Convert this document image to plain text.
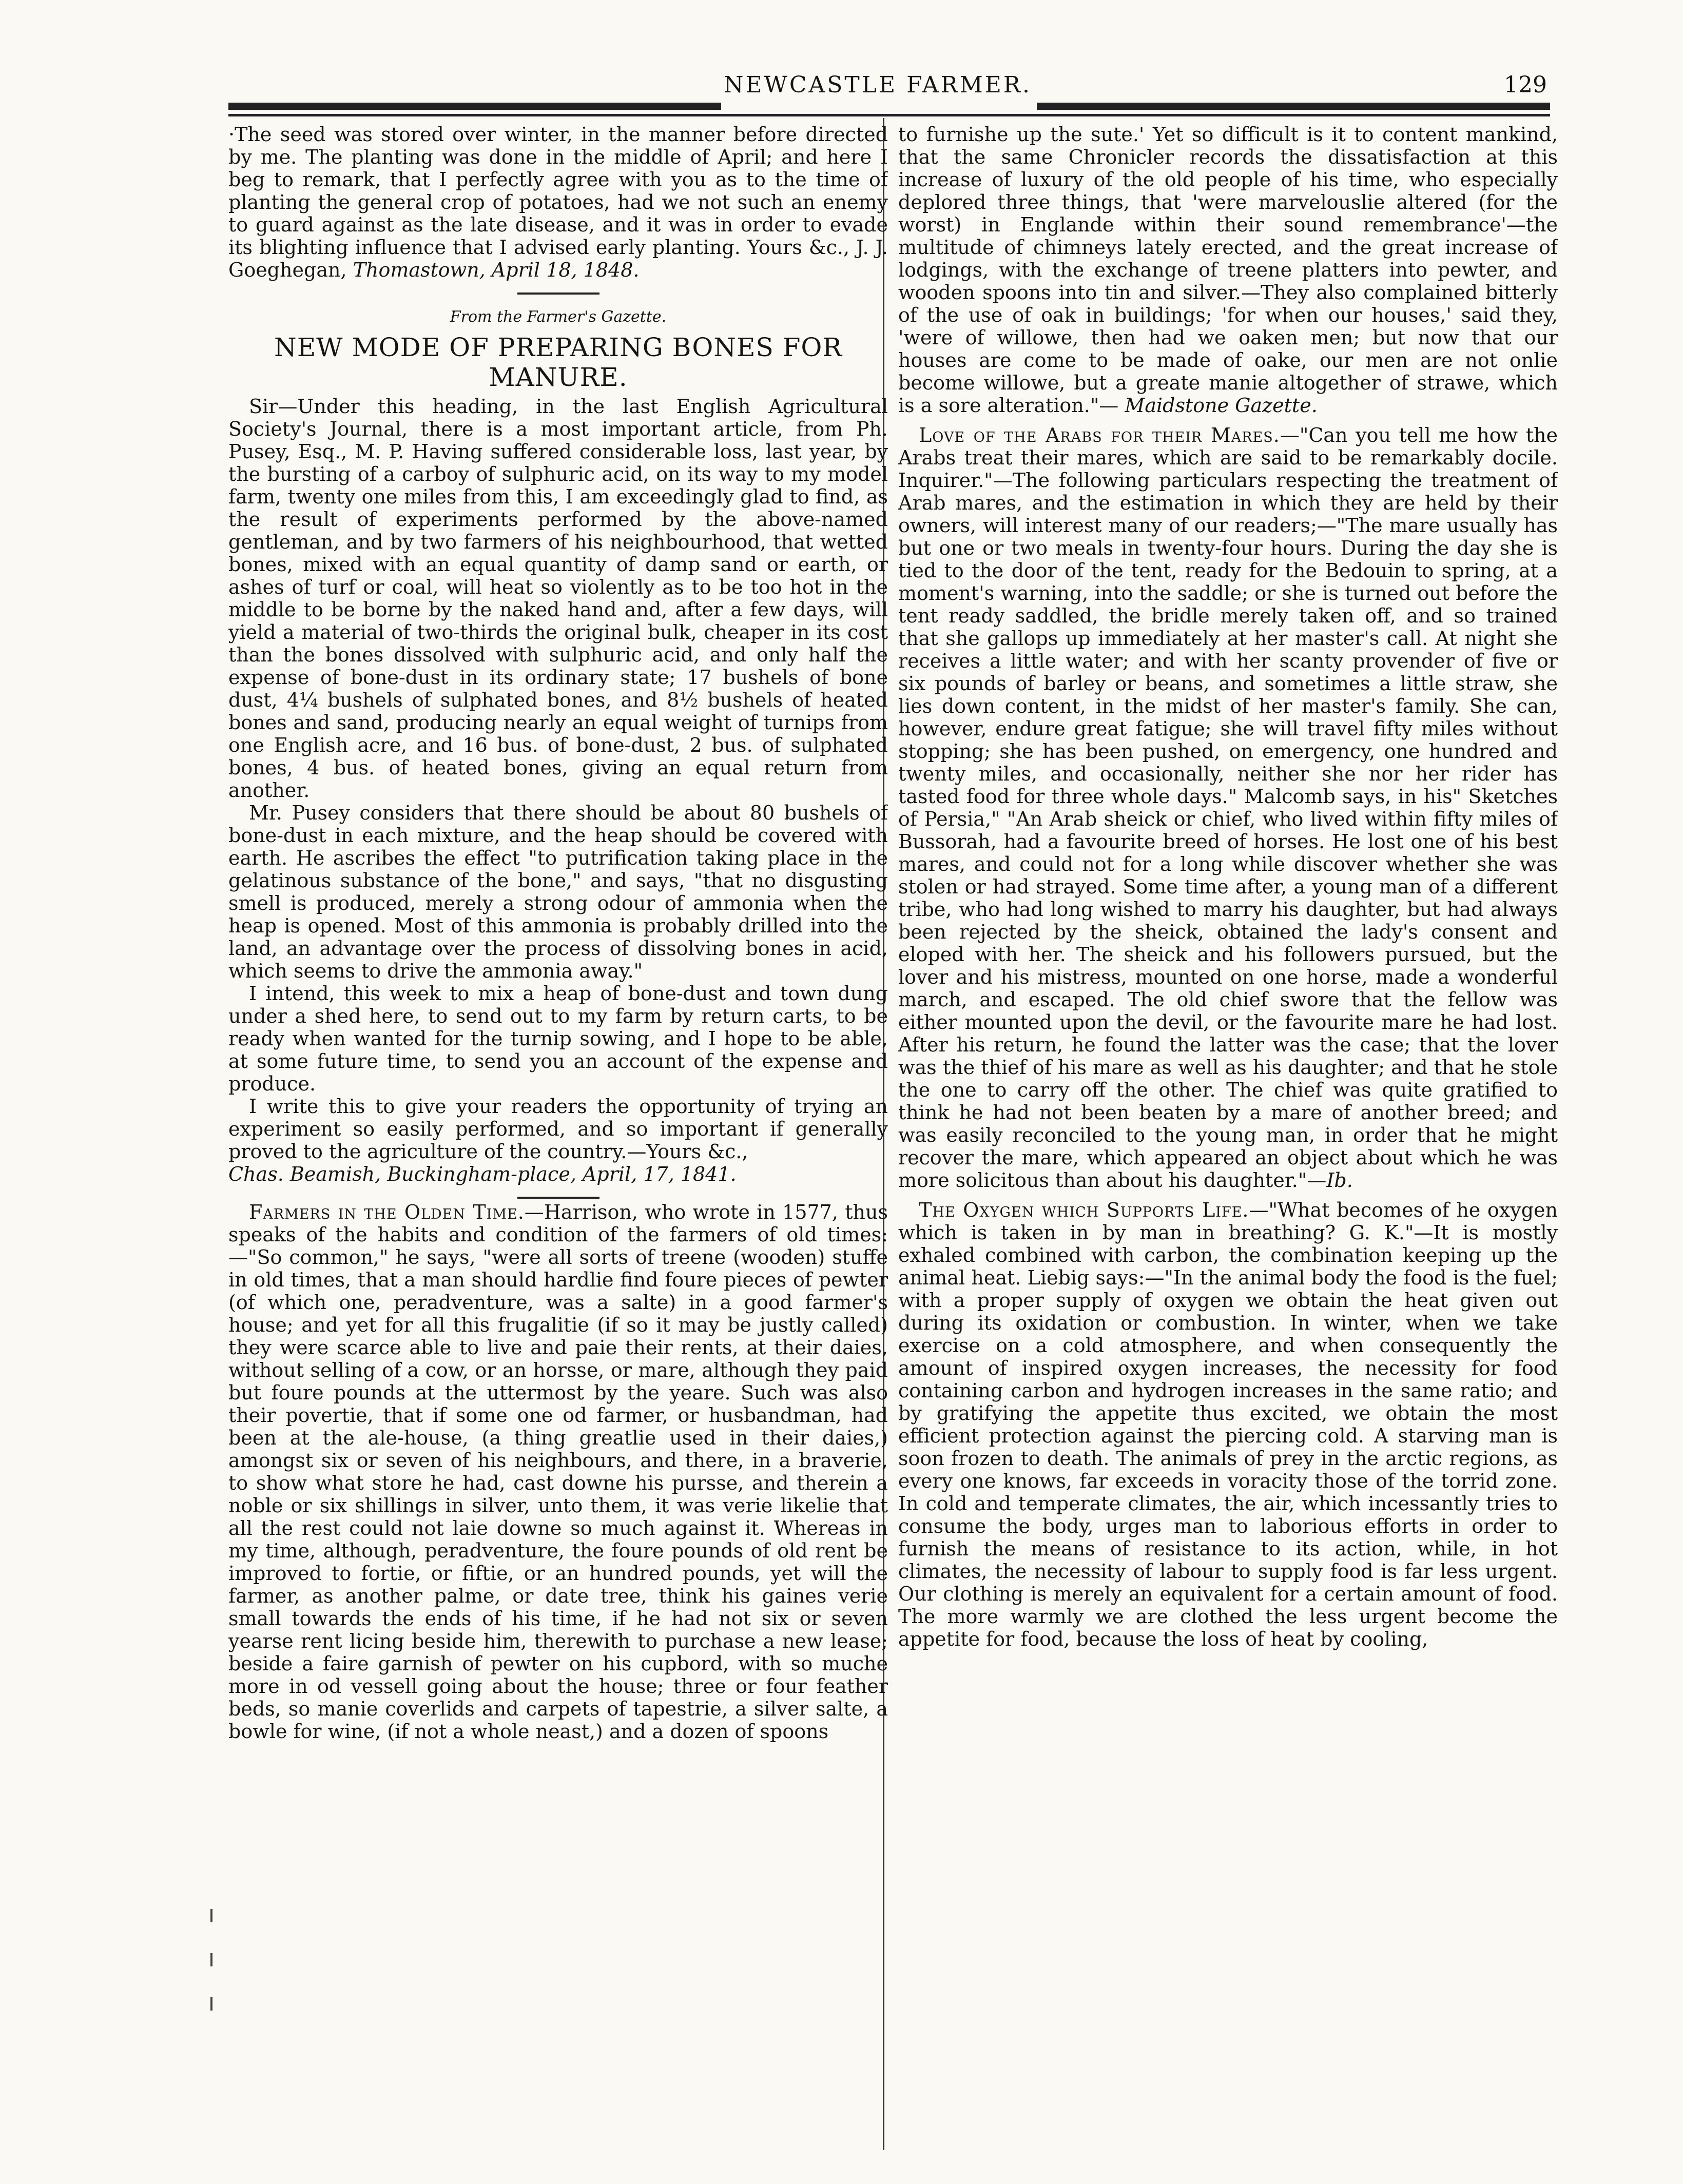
NEWCASTLE FARMER.	129

·The seed was stored over winter, in the manner before directed by me. The planting was done in the middle of April; and here I beg to remark, that I perfectly agree with you as to the time of planting the general crop of potatoes, had we not such an enemy to guard against as the late disease, and it was in order to evade its blighting influence that I advised early planting. Yours &c., J. J. Goeghegan, Thomastown, April 18, 1848.

From the Farmer's Gazette.

NEW MODE OF PREPARING BONES FOR MANURE.

Sir—Under this heading, in the last English Agricultural Society's Journal, there is a most important article, from Ph. Pusey, Esq., M. P. Having suffered considerable loss, last year, by the bursting of a carboy of sulphuric acid, on its way to my model farm, twenty one miles from this, I am exceedingly glad to find, as the result of experiments performed by the above-named gentleman, and by two farmers of his neighbourhood, that wetted bones, mixed with an equal quantity of damp sand or earth, or ashes of turf or coal, will heat so violently as to be too hot in the middle to be borne by the naked hand and, after a few days, will yield a material of two-thirds the original bulk, cheaper in its cost than the bones dissolved with sulphuric acid, and only half the expense of bone-dust in its ordinary state; 17 bushels of bone dust, 4¼ bushels of sulphated bones, and 8½ bushels of heated bones and sand, producing nearly an equal weight of turnips from one English acre, and 16 bus. of bone-dust, 2 bus. of sulphated bones, 4 bus. of heated bones, giving an equal return from another.

Mr. Pusey considers that there should be about 80 bushels of bone-dust in each mixture, and the heap should be covered with earth. He ascribes the effect "to putrification taking place in the gelatinous substance of the bone," and says, "that no disgusting smell is produced, merely a strong odour of ammonia when the heap is opened. Most of this ammonia is probably drilled into the land, an advantage over the process of dissolving bones in acid, which seems to drive the ammonia away."

I intend, this week to mix a heap of bone-dust and town dung under a shed here, to send out to my farm by return carts, to be ready when wanted for the turnip sowing, and I hope to be able, at some future time, to send you an account of the expense and produce.

I write this to give your readers the opportunity of trying an experiment so easily performed, and so important if generally proved to the agriculture of the country.—Yours &c.,

Chas. Beamish, Buckingham-place, April, 17, 1841.

Farmers in the Olden Time.—Harrison, who wrote in 1577, thus speaks of the habits and condition of the farmers of old times:—"So common," he says, "were all sorts of treene (wooden) stuffe in old times, that a man should hardlie find foure pieces of pewter (of which one, peradventure, was a salte) in a good farmer's house; and yet for all this frugalitie (if so it may be justly called) they were scarce able to live and paie their rents, at their daies, without selling of a cow, or an horsse, or mare, although they paid but foure pounds at the uttermost by the yeare. Such was also their povertie, that if some one od farmer, or husbandman, had been at the ale-house, (a thing greatlie used in their daies,) amongst six or seven of his neighbours, and there, in a braverie, to show what store he had, cast downe his pursse, and therein a noble or six shillings in silver, unto them, it was verie likelie that all the rest could not laie downe so much against it. Whereas in my time, although, peradventure, the foure pounds of old rent be improved to fortie, or fiftie, or an hundred pounds, yet will the farmer, as another palme, or date tree, think his gaines verie small towards the ends of his time, if he had not six or seven yearse rent licing beside him, therewith to purchase a new lease; beside a faire garnish of pewter on his cupbord, with so muche more in od vessell going about the house; three or four feather beds, so manie coverlids and carpets of tapestrie, a silver salte, a bowle for wine, (if not a whole neast,) and a dozen of spoons

to furnishe up the sute.' Yet so difficult is it to content mankind, that the same Chronicler records the dissatisfaction at this increase of luxury of the old people of his time, who especially deplored three things, that 'were marvelouslie altered (for the worst) in Englande within their sound remembrance'—the multitude of chimneys lately erected, and the great increase of lodgings, with the exchange of treene platters into pewter, and wooden spoons into tin and silver.—They also complained bitterly of the use of oak in buildings; 'for when our houses,' said they, 'were of willowe, then had we oaken men; but now that our houses are come to be made of oake, our men are not onlie become willowe, but a greate manie altogether of strawe, which is a sore alteration."— Maidstone Gazette.

Love of the Arabs for their Mares.—"Can you tell me how the Arabs treat their mares, which are said to be remarkably docile. Inquirer."—The following particulars respecting the treatment of Arab mares, and the estimation in which they are held by their owners, will interest many of our readers;—"The mare usually has but one or two meals in twenty-four hours. During the day she is tied to the door of the tent, ready for the Bedouin to spring, at a moment's warning, into the saddle; or she is turned out before the tent ready saddled, the bridle merely taken off, and so trained that she gallops up immediately at her master's call. At night she receives a little water; and with her scanty provender of five or six pounds of barley or beans, and sometimes a little straw, she lies down content, in the midst of her master's family. She can, however, endure great fatigue; she will travel fifty miles without stopping; she has been pushed, on emergency, one hundred and twenty miles, and occasionally, neither she nor her rider has tasted food for three whole days." Malcomb says, in his" Sketches of Persia," "An Arab sheick or chief, who lived within fifty miles of Bussorah, had a favourite breed of horses. He lost one of his best mares, and could not for a long while discover whether she was stolen or had strayed. Some time after, a young man of a different tribe, who had long wished to marry his daughter, but had always been rejected by the sheick, obtained the lady's consent and eloped with her. The sheick and his followers pursued, but the lover and his mistress, mounted on one horse, made a wonderful march, and escaped. The old chief swore that the fellow was either mounted upon the devil, or the favourite mare he had lost. After his return, he found the latter was the case; that the lover was the thief of his mare as well as his daughter; and that he stole the one to carry off the other. The chief was quite gratified to think he had not been beaten by a mare of another breed; and was easily reconciled to the young man, in order that he might recover the mare, which appeared an object about which he was more solicitous than about his daughter."—Ib.

The Oxygen which Supports Life.—"What becomes of he oxygen which is taken in by man in breathing? G. K."—It is mostly exhaled combined with carbon, the combination keeping up the animal heat. Liebig says:—"In the animal body the food is the fuel; with a proper supply of oxygen we obtain the heat given out during its oxidation or combustion. In winter, when we take exercise on a cold atmosphere, and when consequently the amount of inspired oxygen increases, the necessity for food containing carbon and hydrogen increases in the same ratio; and by gratifying the appetite thus excited, we obtain the most efficient protection against the piercing cold. A starving man is soon frozen to death. The animals of prey in the arctic regions, as every one knows, far exceeds in voracity those of the torrid zone. In cold and temperate climates, the air, which incessantly tries to consume the body, urges man to laborious efforts in order to furnish the means of resistance to its action, while, in hot climates, the necessity of labour to supply food is far less urgent. Our clothing is merely an equivalent for a certain amount of food. The more warmly we are clothed the less urgent become the appetite for food, because the loss of heat by cooling,
